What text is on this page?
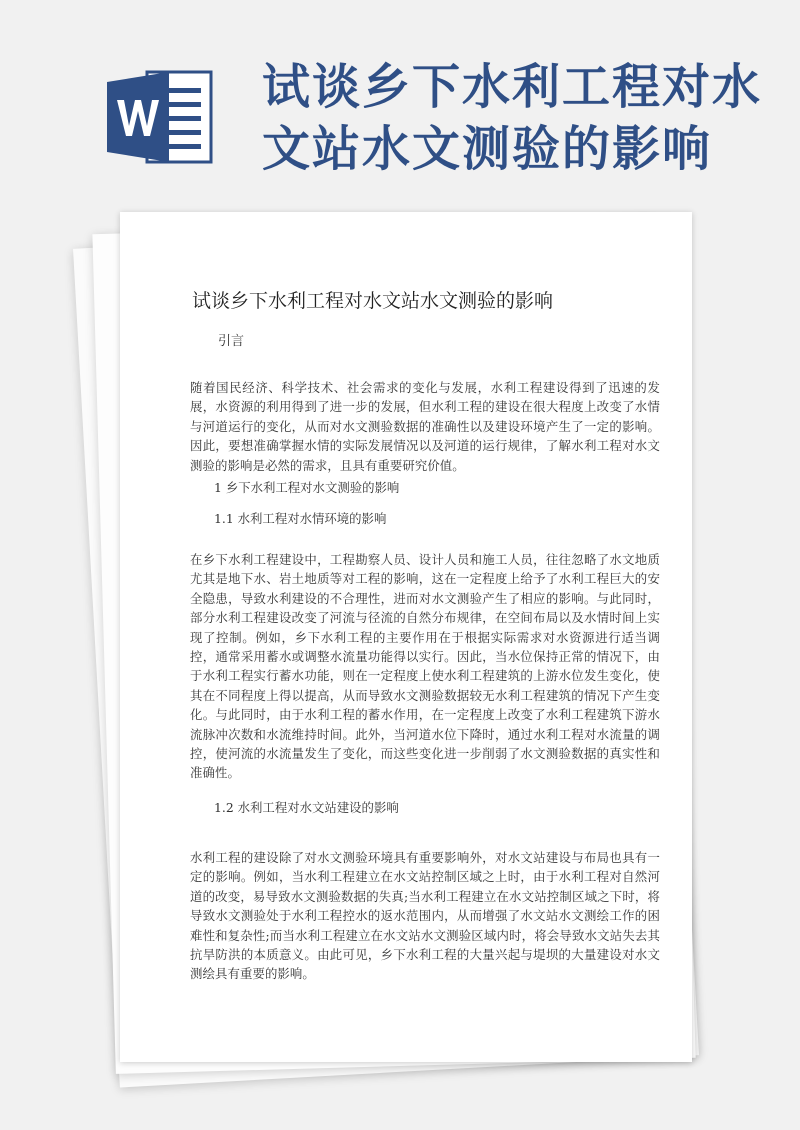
试谈乡下水利工程对水
文站水文测验的影响
试谈乡下水利工程对水文站水文测验的影响
引言

随着国民经济、科学技术、社会需求的变化与发展，水利工程建设得到了迅速的发展，水资源的利用得到了进一步的发展，但水利工程的建设在很大程度上改变了水情与河道运行的变化，从而对水文测验数据的准确性以及建设环境产生了一定的影响。因此，要想准确掌握水情的实际发展情况以及河道的运行规律，了解水利工程对水文测验的影响是必然的需求，且具有重要研究价值。

1 乡下水利工程对水文测验的影响
1.1 水利工程对水情环境的影响

在乡下水利工程建设中，工程勘察人员、设计人员和施工人员，往往忽略了水文地质尤其是地下水、岩土地质等对工程的影响，这在一定程度上给予了水利工程巨大的安全隐患，导致水利建设的不合理性，进而对水文测验产生了相应的影响。与此同时，部分水利工程建设改变了河流与径流的自然分布规律，在空间布局以及水情时间上实现了控制。例如，乡下水利工程的主要作用在于根据实际需求对水资源进行适当调控，通常采用蓄水或调整水流量功能得以实行。因此，当水位保持正常的情况下，由于水利工程实行蓄水功能，则在一定程度上使水利工程建筑的上游水位发生变化，使其在不同程度上得以提高，从而导致水文测验数据较无水利工程建筑的情况下产生变化。与此同时，由于水利工程的蓄水作用，在一定程度上改变了水利工程建筑下游水流脉冲次数和水流维持时间。此外，当河道水位下降时，通过水利工程对水流量的调控，使河流的水流量发生了变化，而这些变化进一步削弱了水文测验数据的真实性和准确性。

1.2 水利工程对水文站建设的影响

水利工程的建设除了对水文测验环境具有重要影响外，对水文站建设与布局也具有一定的影响。例如，当水利工程建立在水文站控制区域之上时，由于水利工程对自然河道的改变，易导致水文测验数据的失真;当水利工程建立在水文站控制区域之下时，将导致水文测验处于水利工程控水的返水范围内，从而增强了水文站水文测绘工作的困难性和复杂性;而当水利工程建立在水文站水文测验区域内时，将会导致水文站失去其抗旱防洪的本质意义。由此可见，乡下水利工程的大量兴起与堤坝的大量建设对水文测绘具有重要的影响。
